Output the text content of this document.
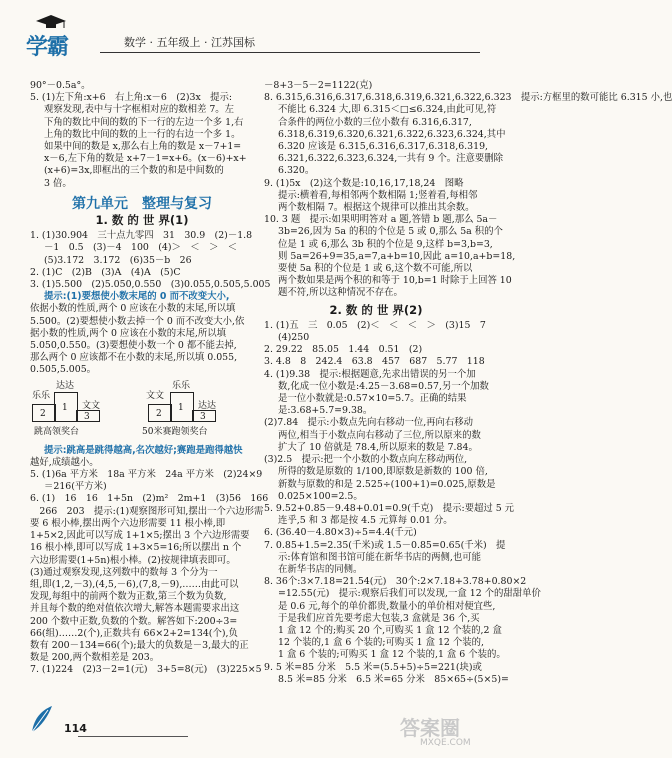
学霸	数学 · 五年级上 · 江苏国标
90°－0.5a°。
5. (1)左下角:x+6　右上角:x－6　(2)3x　提示:
观察发现,表中与十字框相对应的数相差 7。左
下角的数比中间的数的下一行的左边一个多 1,右
上角的数比中间的数的上一行的右边一个多 1。
如果中间的数是 x,那么右上角的数是 x－7+1=
x－6,左下角的数是 x+7－1=x+6。(x－6)+x+
(x+6)=3x,即框出的三个数的和是中间数的
3 倍。
第九单元　整理与复习
1. 数 的 世 界(1)
1. (1)30.904　三十点九零四　31　30.9　(2)－1.8
－1　0.5　(3)－4　100　(4)＞　＜　＞　＜
(5)3.172　3.172　(6)35－b　26
2. (1)C　(2)B　(3)A　(4)A　(5)C
3. (1)5.500　(2)5.050,0.550　(3)0.055,0.505,5.005
提示:(1)要想使小数末尾的 0 而不改变大小,
依据小数的性质,两个 0 应该在小数的末尾,所以填
5.500。(2)要想使小数去掉一个 0 而不改变大小,依
据小数的性质,两个 0 应该在小数的末尾,所以填
5.050,0.550。(3)要想使小数一个 0 都不能去掉,
那么两个 0 应该都不在小数的末尾,所以填 0.055,
0.505,5.005。
达达
乐乐
文文
1
2	3
跳高领奖台
乐乐
文文
达达
1
2	3
50米赛跑领奖台
提示:跳高是跳得越高,名次越好;赛跑是跑得越快
越好,成绩越小。
5. (1)6a 平方米　18a 平方米　24a 平方米　(2)24×9
＝216(平方米)
6. (1)　16　16　1+5n　(2)m²　2m+1　(3)56　166
　266　203　提示:(1)观察图形可知,摆出一个六边形需
要 6 根小棒,摆出两个六边形需要 11 根小棒,即
1+5×2,因此可以写成 1+1×5;摆出 3 个六边形需要
16 根小棒,即可以写成 1+3×5=16;所以摆出 n 个
六边形需要(1+5n)根小棒。(2)按规律填表即可。
(3)通过观察发现,这列数中的数每 3 个分为一
组,即(1,2,－3),(4,5,－6),(7,8,－9),……由此可以
发现,每组中的前两个数为正数,第三个数为负数,
并且每个数的绝对值依次增大,解答本题需要求出这
200 个数中正数,负数的个数。解答如下:200÷3=
66(组)……2(个),正数共有 66×2+2=134(个),负
数有 200－134=66(个);最大的负数是－3,最大的正
数是 200,两个数相差是 203。
7. (1)224　(2)3－2=1(元)　3+5=8(元)　(3)225×5
－8+3－5－2=1122(克)
8. 6.315,6.316,6.317,6.318,6.319,6.321,6.322,6.323　提示:方框里的数可能比 6.315 小,也
不能比 6.324 大,即 6.315＜□≤6.324,由此可见,符
合条件的两位小数的三位小数有 6.316,6.317,
6.318,6.319,6.320,6.321,6.322,6.323,6.324,其中
6.320 应该是 6.315,6.316,6.317,6.318,6.319,
6.321,6.322,6.323,6.324,一共有 9 个。注意要删除
6.320。
9. (1)5x　(2)这个数是:10,16,17,18,24　图略
提示:横着看,每相邻两个数相隔 1;竖着看,每相邻
两个数相隔 7。根据这个规律可以推出其余数。
10. 3 题　提示:如果明明答对 a 题,答错 b 题,那么 5a－
3b=26,因为 5a 的积的个位是 5 或 0,那么 5a 积的个
位是 1 或 6,那么 3b 积的个位是 9,这样 b=3,b=3,
则 5a=26+9=35,a=7,a+b=10,因此 a=10,a+b=18,
要使 5a 积的个位是 1 或 6,这个数不可能,所以
两个数如果是两个积的和等于 10,b=1 时除于上回答 10
题不符,所以这种情况不存在。
2. 数 的 世 界(2)
1. (1)五　三　0.05　(2)＜　＜　＜　＞　(3)15　7
(4)250
2. 29.22　85.05　1.44　0.51　(2)
3. 4.8　8　242.4　63.8　457　687　5.77　118
4. (1)9.38　提示:根据题意,先求出错误的另一个加
数,化成一位小数是:4.25－3.68=0.57,另一个加数
是一位小数就是:0.57×10=5.7。正确的结果
是:3.68+5.7=9.38。
(2)7.84　提示:小数点先向右移动一位,再向右移动
两位,相当于小数点向右移动了三位,所以原来的数
扩大了 10 倍就是 78.4,所以原来的数是 7.84。
(3)2.5　提示:把一个小数的小数点向左移动两位,
所得的数是原数的 1/100,即原数是新数的 100 倍,
新数与原数的和是 2.525÷(100+1)=0.025,原数是
0.025×100=2.5。
5. 9.52+0.85－9.48+0.01=0.9(千克)　提示:要超过 5 元
连乎,5 和 3 都是按 4.5 元算每 0.01 分。
6. (36.40－4.80×3)÷5=4.4(千元)
7. 0.85+1.5=2.35(千米)或 1.5－0.85=0.65(千米)　提
示:体育馆和图书馆可能在新华书店的两侧,也可能
在新华书店的同侧。
8. 36个:3×7.18=21.54(元)　30个:2×7.18+3.78+0.80×2
=12.55(元)　提示:观察后我们可以发现,一盒 12 个的甜甜单价
是 0.6 元,每个的单价都贵,数量小的单价相对便宜些,
于是我们应首先要考虑大包装,3 盒就是 36 个,买
1 盒 12 个的;购买 20 个,可购买 1 盒 12 个装的,2 盒
12 个装的,1 盒 6 个装的;可购买 1 盒 12 个装的,
1 盒 6 个装的;可购买 1 盒 12 个装的,1 盒 6 个装的。
9. 5 米=85 分米　5.5 米=(5.5+5)÷5=221(块)或
8.5 米=85 分米　6.5 米=65 分米　85×65÷(5×5)=
114	答案圈
MXQE.COM
